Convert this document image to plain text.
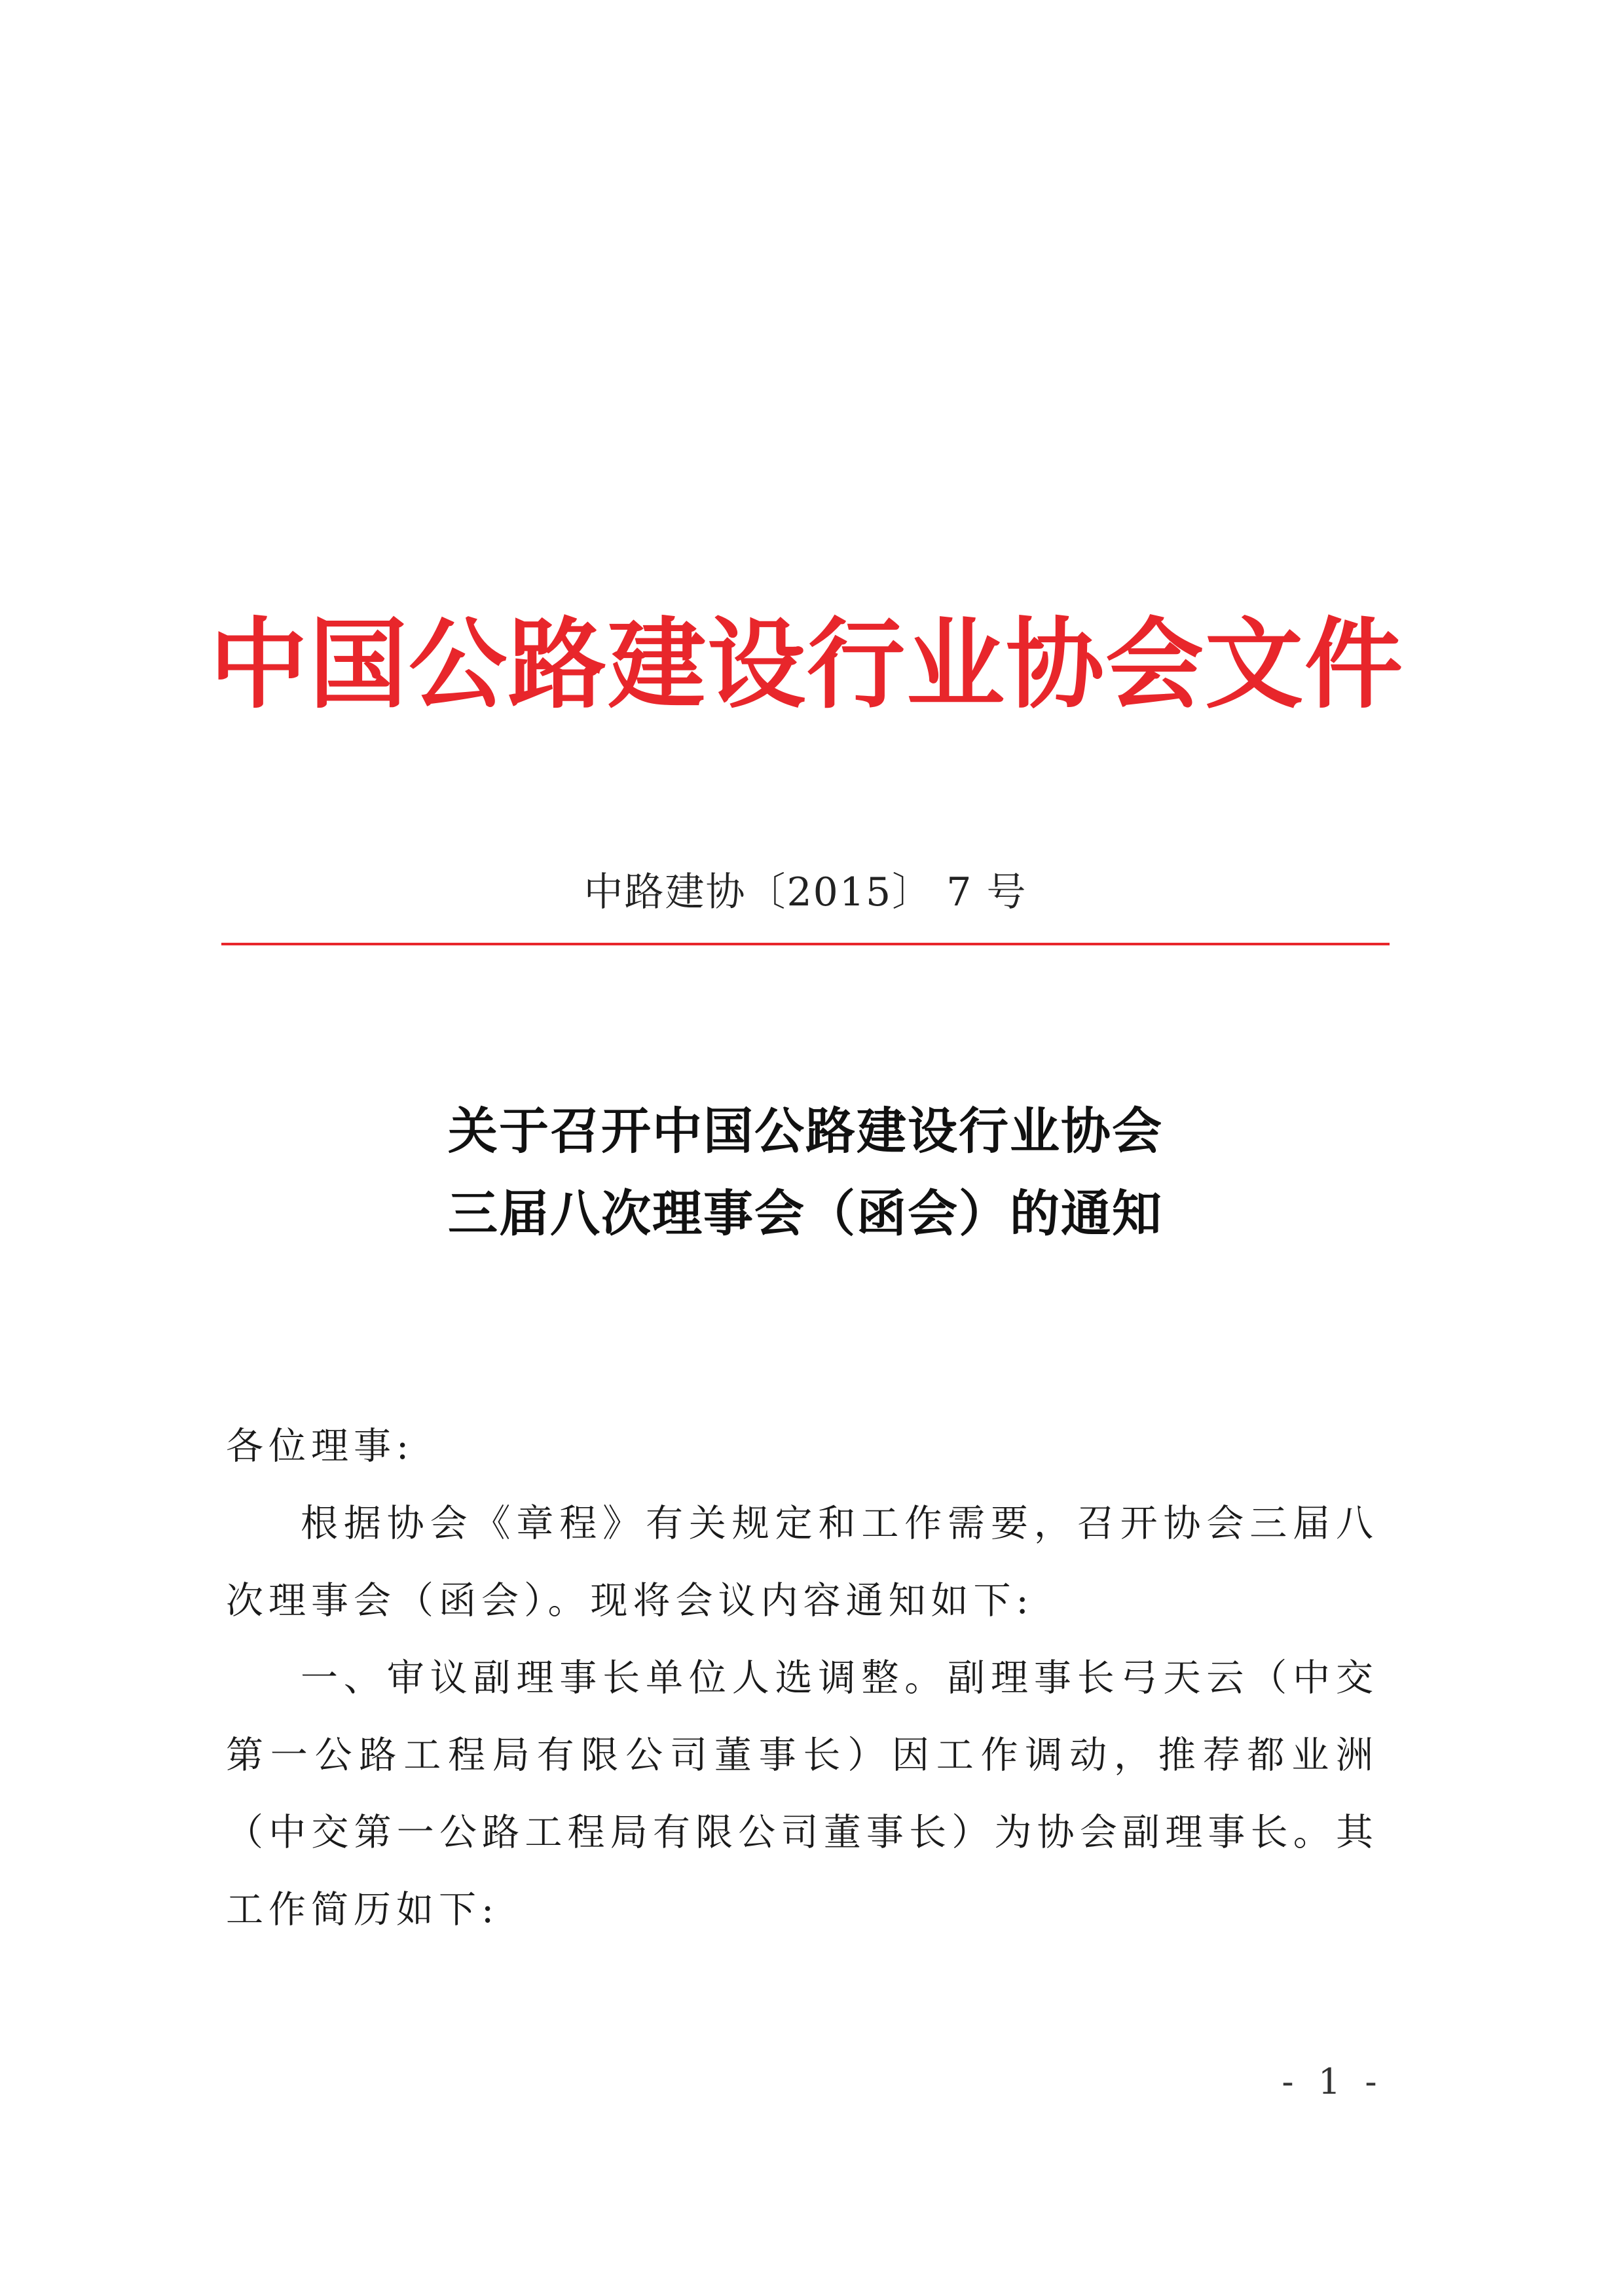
中国公路建设行业协会文件
中路建协〔2015〕 7 号
关于召开中国公路建设行业协会
三届八次理事会（函会）的通知

各位理事:

根据协会《章程》有关规定和工作需要，召开协会三届八次理事会（函会）。现将会议内容通知如下:

一、审议副理事长单位人选调整。副理事长弓天云（中交第一公路工程局有限公司董事长）因工作调动，推荐都业洲（中交第一公路工程局有限公司董事长）为协会副理事长。其工作简历如下:

- 1 -
